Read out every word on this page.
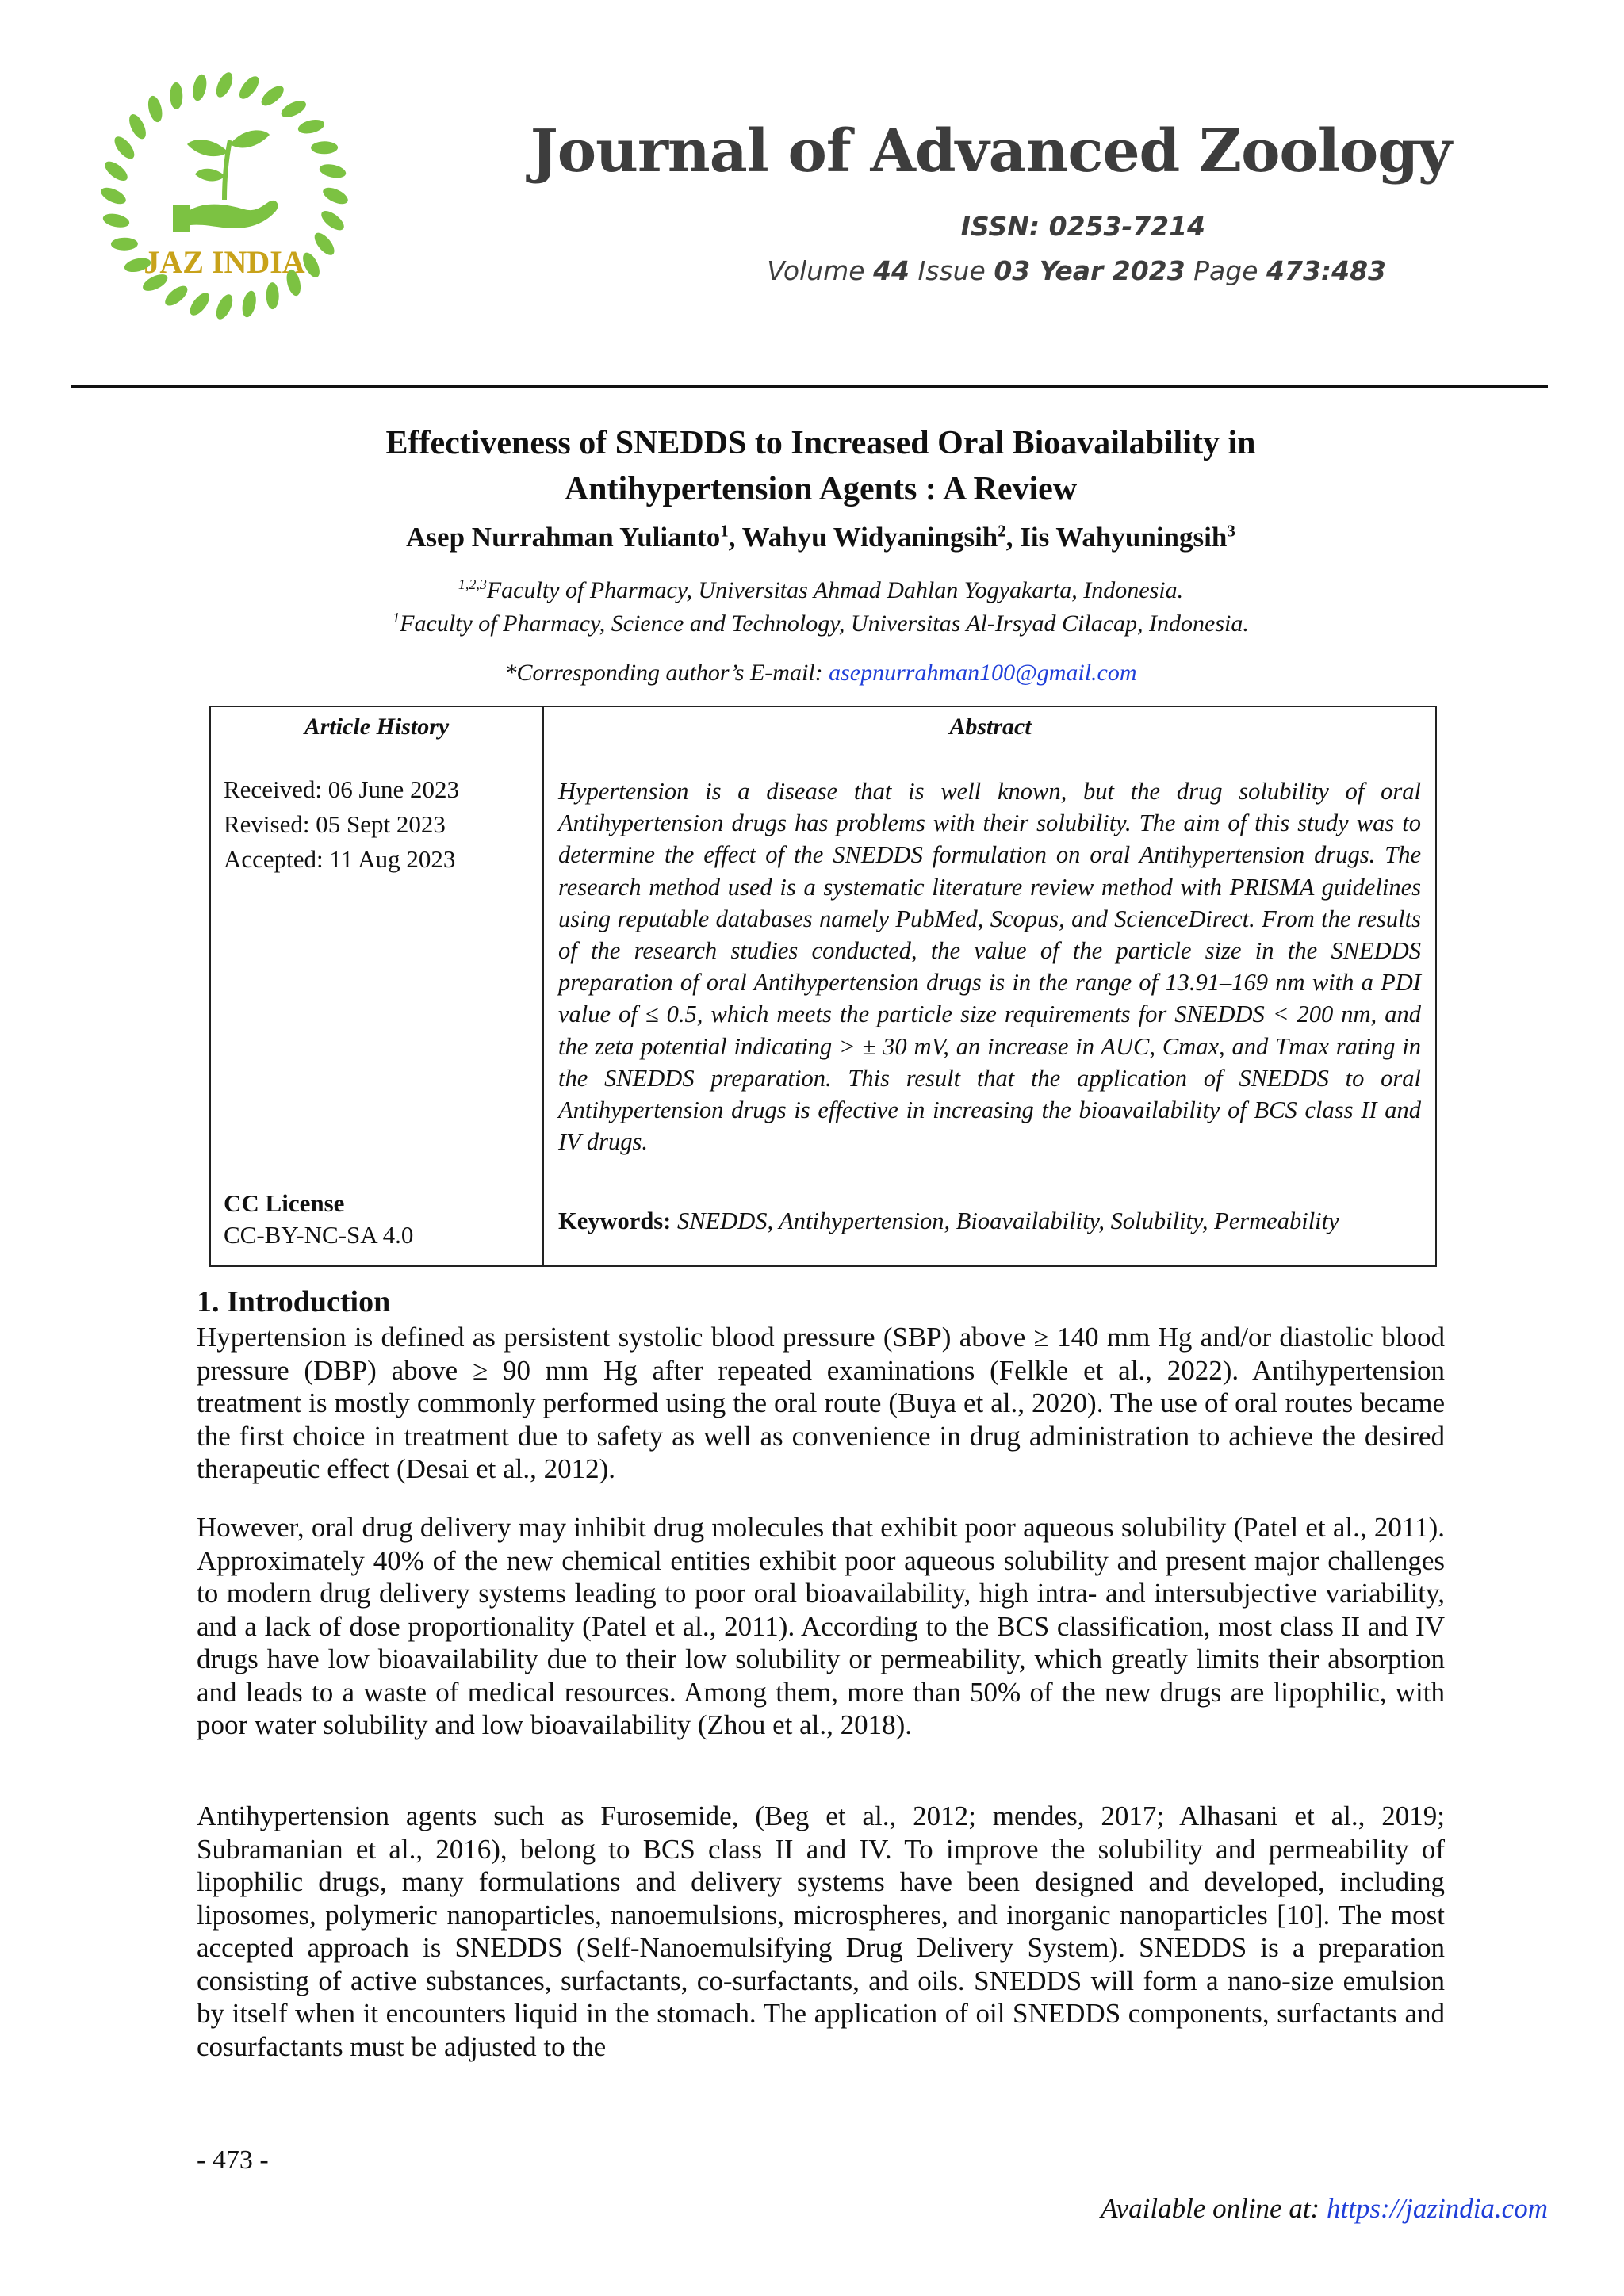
JAZ INDIA
Journal of Advanced Zoology
ISSN: 0253-7214
Volume 44 Issue 03 Year 2023 Page 473:483
Effectiveness of SNEDDS to Increased Oral Bioavailability in
Antihypertension Agents : A Review
Asep Nurrahman Yulianto$^1$, Wahyu Widyaningsih$^2$, Iis Wahyuningsih$^3$
$^{1,2,3}$Faculty of Pharmacy, Universitas Ahmad Dahlan Yogyakarta, Indonesia.
$^1$Faculty of Pharmacy, Science and Technology, Universitas Al-Irsyad Cilacap, Indonesia.
*Corresponding author’s E-mail: asepnurrahman100@gmail.com
Article History	Abstract
Received: 06 June 2023
Revised: 05 Sept 2023
Accepted: 11 Aug 2023
CC License
CC-BY-NC-SA 4.0
Hypertension is a disease that is well known, but the drug solubility of oral Antihypertension drugs has problems with their solubility. The aim of this study was to determine the effect of the SNEDDS formulation on oral Antihypertension drugs. The research method used is a systematic literature review method with PRISMA guidelines using reputable databases namely PubMed, Scopus, and ScienceDirect. From the results of the research studies conducted, the value of the particle size in the SNEDDS preparation of oral Antihypertension drugs is in the range of 13.91–169 nm with a PDI value of ≤ 0.5, which meets the particle size requirements for SNEDDS < 200 nm, and the zeta potential indicating > ± 30 mV, an increase in AUC, Cmax, and Tmax rating in the SNEDDS preparation. This result that the application of SNEDDS to oral Antihypertension drugs is effective in increasing the bioavailability of BCS class II and IV drugs.
Keywords: SNEDDS, Antihypertension, Bioavailability, Solubility, Permeability
1. Introduction

Hypertension is defined as persistent systolic blood pressure (SBP) above ≥ 140 mm Hg and/or diastolic blood pressure (DBP) above ≥ 90 mm Hg after repeated examinations (Felkle et al., 2022). Antihypertension treatment is mostly commonly performed using the oral route (Buya et al., 2020). The use of oral routes became the first choice in treatment due to safety as well as convenience in drug administration to achieve the desired therapeutic effect (Desai et al., 2012).

However, oral drug delivery may inhibit drug molecules that exhibit poor aqueous solubility (Patel et al., 2011). Approximately 40% of the new chemical entities exhibit poor aqueous solubility and present major challenges to modern drug delivery systems leading to poor oral bioavailability, high intra- and intersubjective variability, and a lack of dose proportionality (Patel et al., 2011). According to the BCS classification, most class II and IV drugs have low bioavailability due to their low solubility or permeability, which greatly limits their absorption and leads to a waste of medical resources. Among them, more than 50% of the new drugs are lipophilic, with poor water solubility and low bioavailability (Zhou et al., 2018).

Antihypertension agents such as Furosemide, (Beg et al., 2012; mendes, 2017; Alhasani et al., 2019; Subramanian et al., 2016), belong to BCS class II and IV. To improve the solubility and permeability of lipophilic drugs, many formulations and delivery systems have been designed and developed, including liposomes, polymeric nanoparticles, nanoemulsions, microspheres, and inorganic nanoparticles [10]. The most accepted approach is SNEDDS (Self-Nanoemulsifying Drug Delivery System). SNEDDS is a preparation consisting of active substances, surfactants, co-surfactants, and oils. SNEDDS will form a nano-size emulsion by itself when it encounters liquid in the stomach. The application of oil SNEDDS components, surfactants and cosurfactants must be adjusted to the

- 473 -
Available online at: https://jazindia.com
